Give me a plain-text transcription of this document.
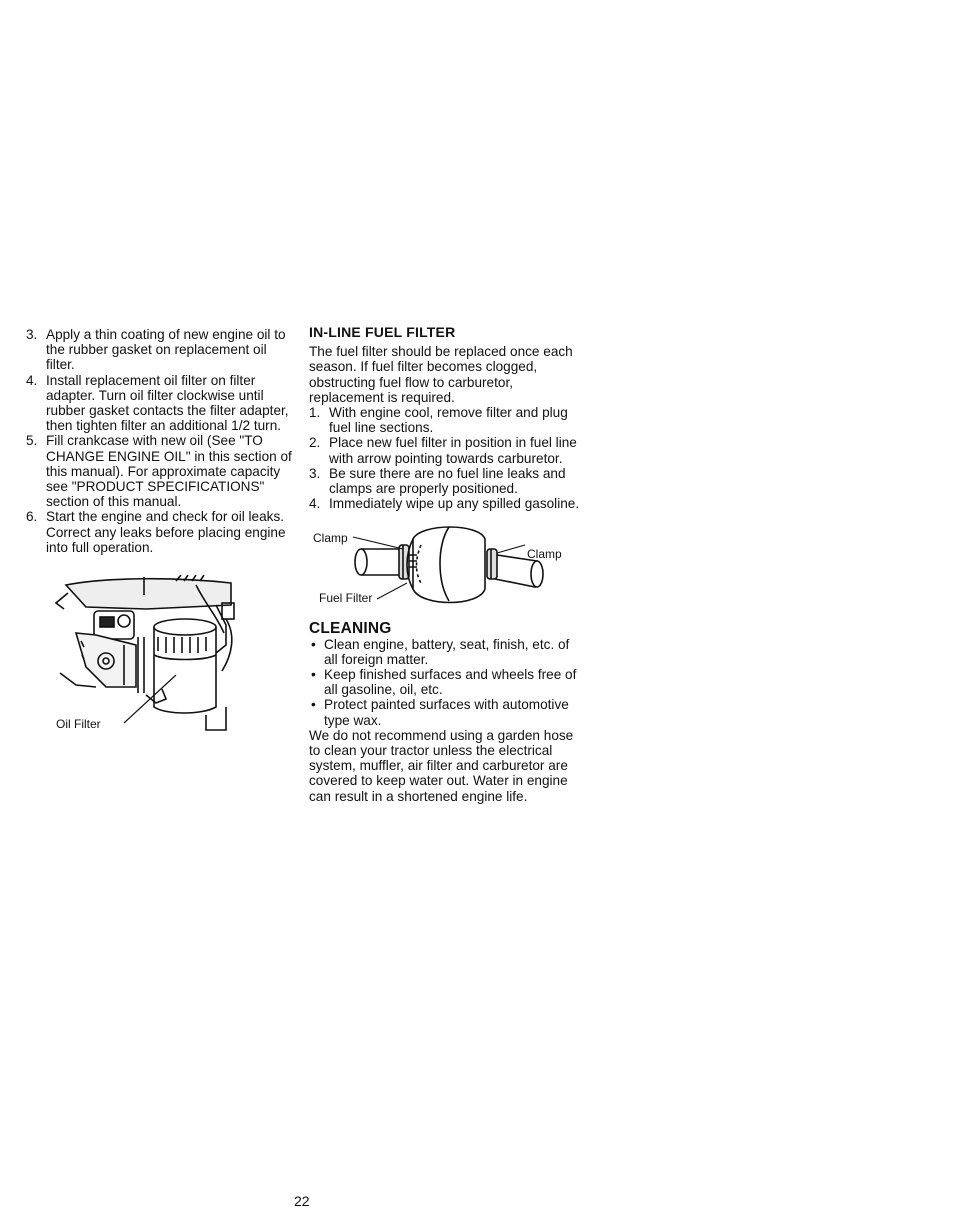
3. Apply a thin coating of new engine oil to the rubber gasket on replacement oil filter.
4. Install replacement oil filter on filter adapter. Turn oil filter clockwise until rubber gasket contacts the filter adapter, then tighten filter an additional 1/2 turn.
5. Fill crankcase with new oil (See "TO CHANGE ENGINE OIL" in this section of this manual). For approximate capacity see "PRODUCT SPECIFICATIONS" section of this manual.
6. Start the engine and check for oil leaks. Correct any leaks before placing engine into full operation.
Oil Filter
IN-LINE FUEL FILTER

The fuel filter should be replaced once each season. If fuel filter becomes clogged, obstructing fuel flow to carburetor, replacement is required.

1. With engine cool, remove filter and plug fuel line sections.
2. Place new fuel filter in position in fuel line with arrow pointing towards carburetor.
3. Be sure there are no fuel line leaks and clamps are properly positioned.
4. Immediately wipe up any spilled gasoline.
Clamp
Clamp
Fuel Filter
CLEANING
• Clean engine, battery, seat, finish, etc. of all foreign matter.
• Keep finished surfaces and wheels free of all gasoline, oil, etc.
• Protect painted surfaces with automotive type wax.

We do not recommend using a garden hose to clean your tractor unless the electrical system, muffler, air filter and carburetor are covered to keep water out. Water in engine can result in a shortened engine life.

22
